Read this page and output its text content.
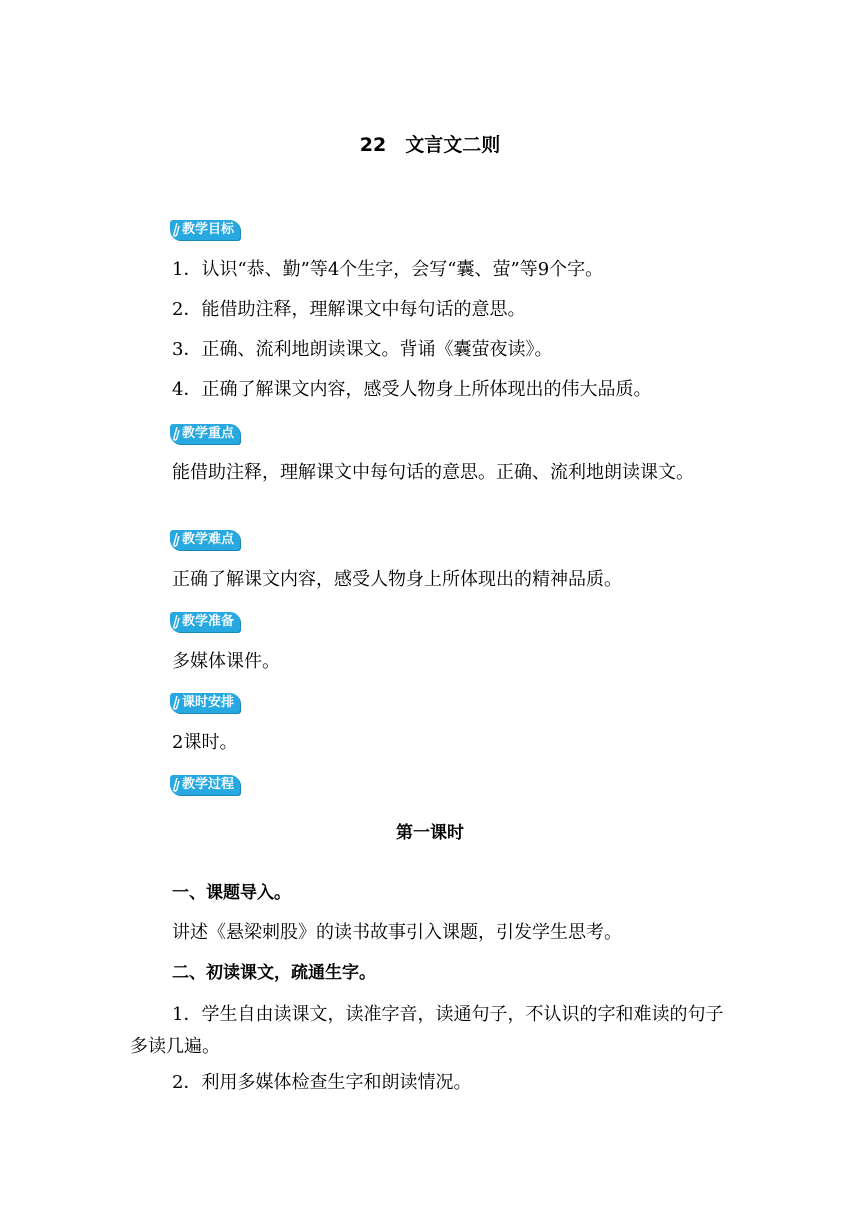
22　文言文二则
教学目标
1．认识“恭、勤”等4个生字，会写“囊、萤”等9个字。
2．能借助注释，理解课文中每句话的意思。
3．正确、流利地朗读课文。背诵《囊萤夜读》。
4．正确了解课文内容，感受人物身上所体现出的伟大品质。
教学重点
能借助注释，理解课文中每句话的意思。正确、流利地朗读课文。
教学难点
正确了解课文内容，感受人物身上所体现出的精神品质。
教学准备
多媒体课件。
课时安排
2课时。
教学过程
第一课时
一、课题导入。
讲述《悬梁刺股》的读书故事引入课题，引发学生思考。
二、初读课文，疏通生字。
1．学生自由读课文，读准字音，读通句子，不认识的字和难读的句子多读几遍。
2．利用多媒体检查生字和朗读情况。
